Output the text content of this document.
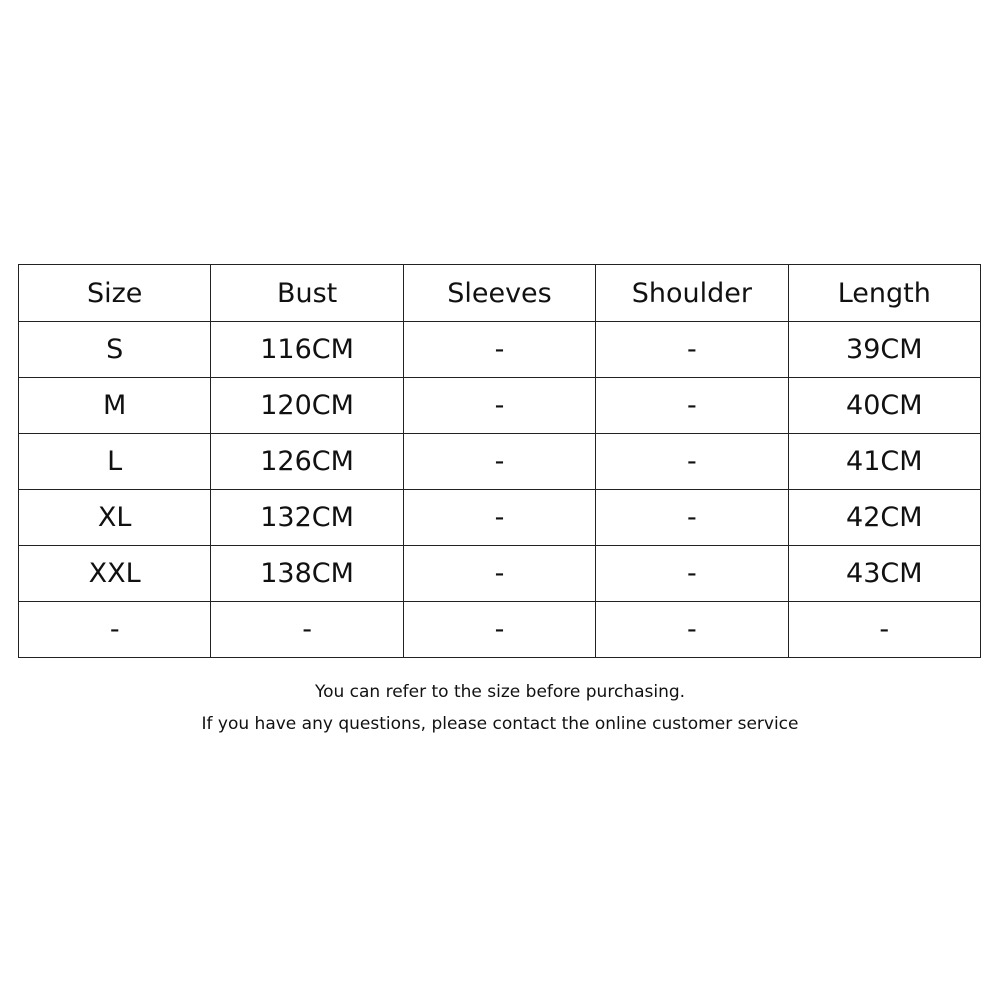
Size	Bust	Sleeves	Shoulder	Length
S	116CM	-	-	39CM
M	120CM	-	-	40CM
L	126CM	-	-	41CM
XL	132CM	-	-	42CM
XXL	138CM	-	-	43CM
-	-	-	-	-

You can refer to the size before purchasing.

If you have any questions, please contact the online customer service
